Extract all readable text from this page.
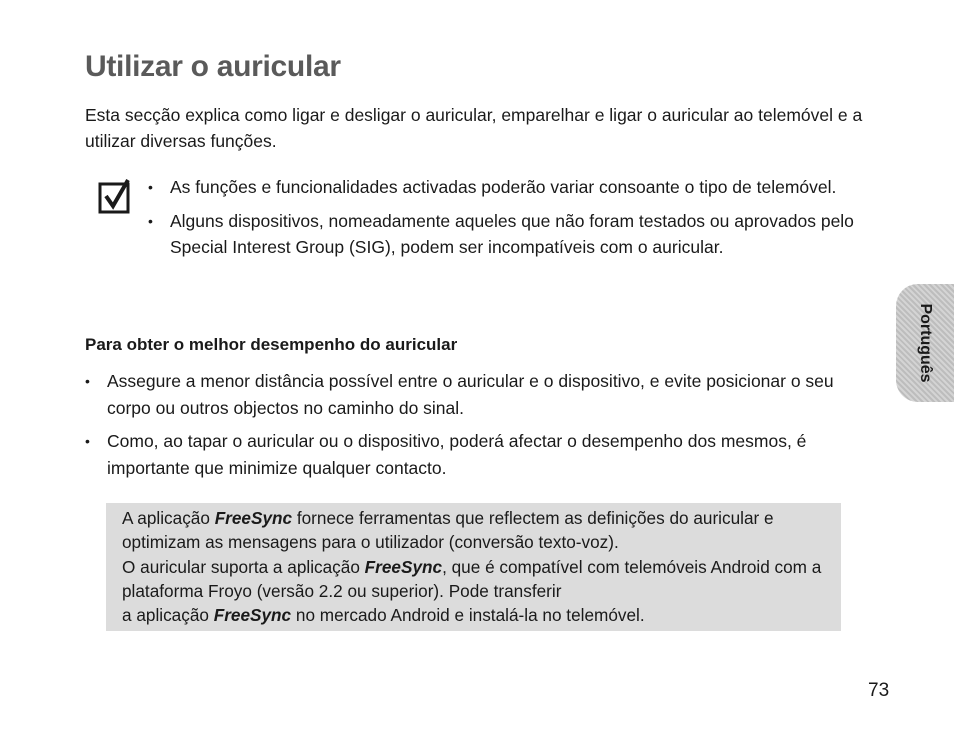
Utilizar o auricular

Esta secção explica como ligar e desligar o auricular, emparelhar e ligar o auricular ao telemóvel e a utilizar diversas funções.

• As funções e funcionalidades activadas poderão variar consoante o tipo de telemóvel.
• Alguns dispositivos, nomeadamente aqueles que não foram testados ou aprovados pelo Special Interest Group (SIG), podem ser incompatíveis com o auricular.
Para obter o melhor desempenho do auricular
• Assegure a menor distância possível entre o auricular e o dispositivo, e evite posicionar o seu corpo ou outros objectos no caminho do sinal.
• Como, ao tapar o auricular ou o dispositivo, poderá afectar o desempenho dos mesmos, é importante que minimize qualquer contacto.
A aplicação FreeSync fornece ferramentas que reflectem as definições do auricular e optimizam as mensagens para o utilizador (conversão texto-voz).
O auricular suporta a aplicação FreeSync, que é compatível com telemóveis Android com a plataforma Froyo (versão 2.2 ou superior). Pode transferir
a aplicação FreeSync no mercado Android e instalá-la no telemóvel.
Português
73
